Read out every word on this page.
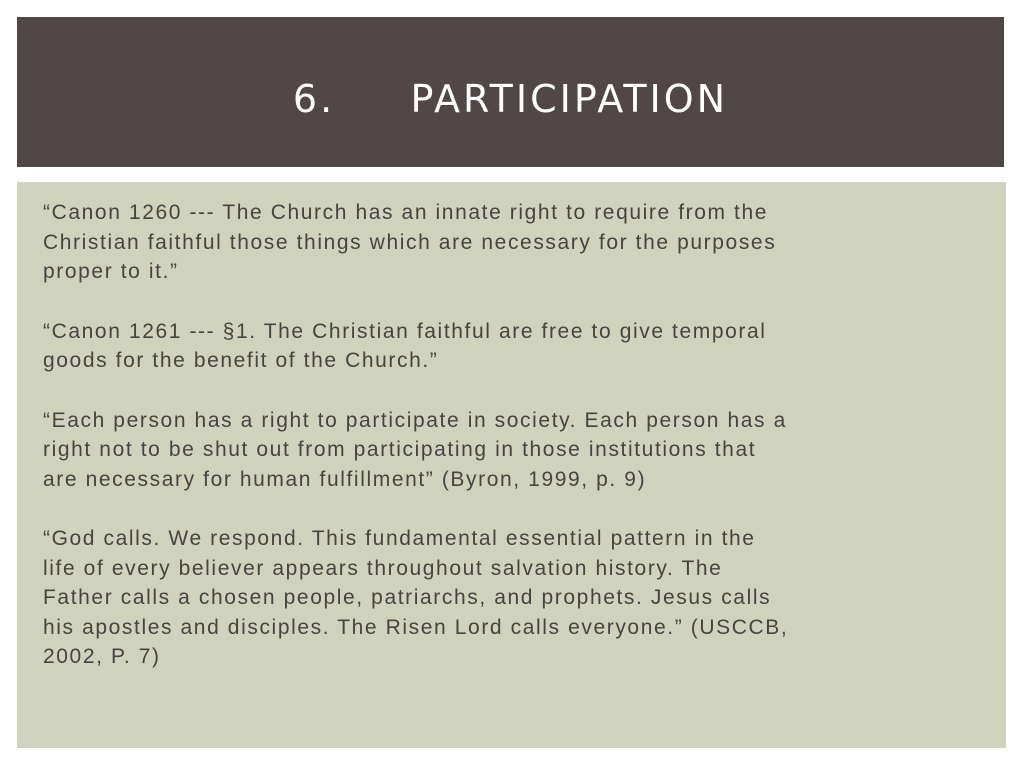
6.     PARTICIPATION

“Canon 1260 --- The Church has an innate right to require from the
Christian faithful those things which are necessary for the purposes
proper to it.”

“Canon 1261 --- §1. The Christian faithful are free to give temporal
goods for the benefit of the Church.”

“Each person has a right to participate in society. Each person has a
right not to be shut out from participating in those institutions that
are necessary for human fulfillment” (Byron, 1999, p. 9)

“God calls. We respond. This fundamental essential pattern in the
life of every believer appears throughout salvation history. The
Father calls a chosen people, patriarchs, and prophets. Jesus calls
his apostles and disciples. The Risen Lord calls everyone.” (USCCB,
2002, P. 7)
